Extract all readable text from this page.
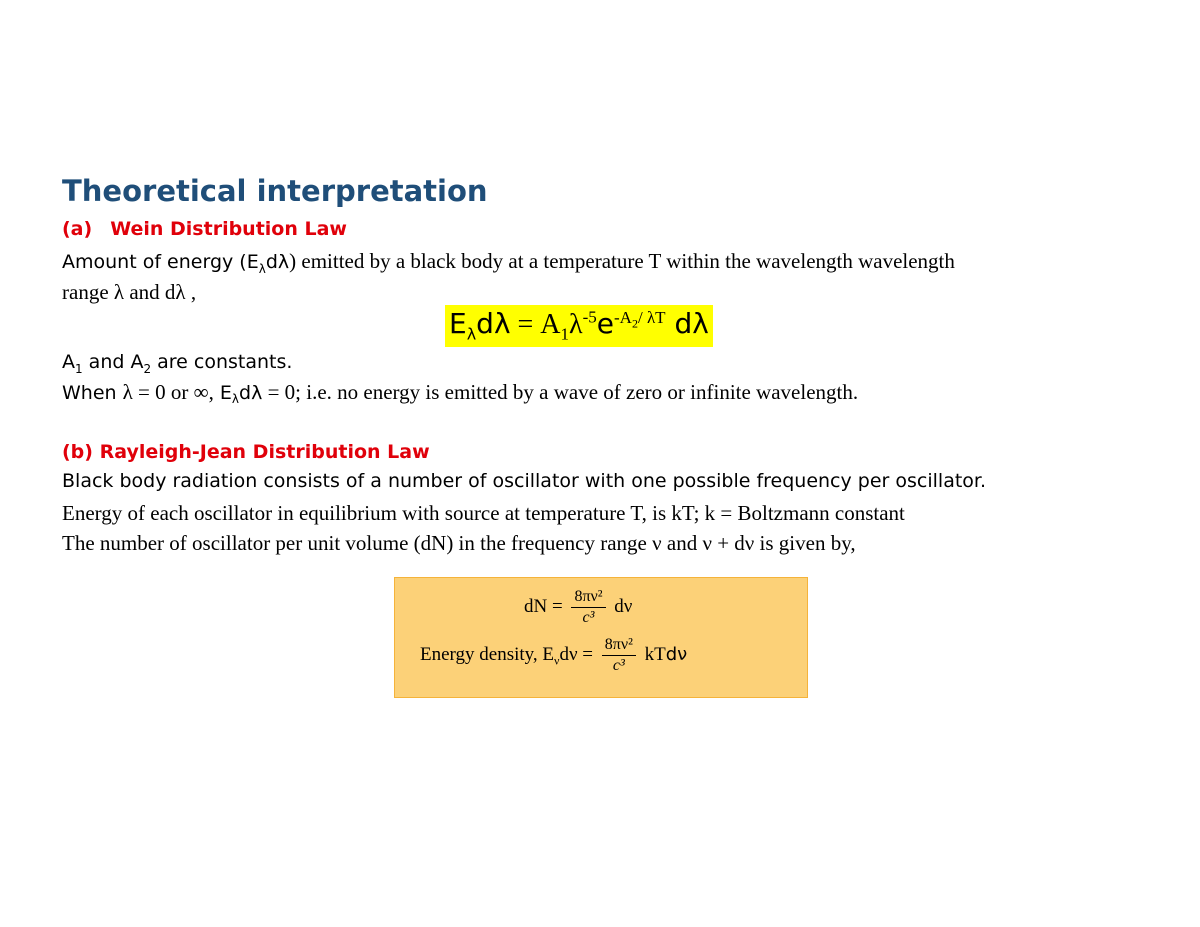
Theoretical interpretation
(a) Wein Distribution Law
Amount of energy $(E_\lambda d\lambda)$ emitted by a black body at a temperature T within the wavelength wavelength
range λ and dλ ,
$E_\lambda d\lambda = A_1\lambda^{-5}e^{-A_2/ \lambda T}$ dλ
$A_1$ and $A_2$ are constants.
When λ = 0 or ∞, $E_\lambda d\lambda = 0$; i.e. no energy is emitted by a wave of zero or infinite wavelength.
(b) Rayleigh-Jean Distribution Law
Black body radiation consists of a number of oscillator with one possible frequency per oscillator.
Energy of each oscillator in equilibrium with source at temperature T, is kT; k = Boltzmann constant
The number of oscillator per unit volume (dN) in the frequency range ν and ν + dν is given by,
dN = $\frac{\text{8πν²}}{\text{c³}}$ dν
Energy density, $E_\nu d\nu = \frac{\text{8πν²}}{\text{c³}}$ kTdν
